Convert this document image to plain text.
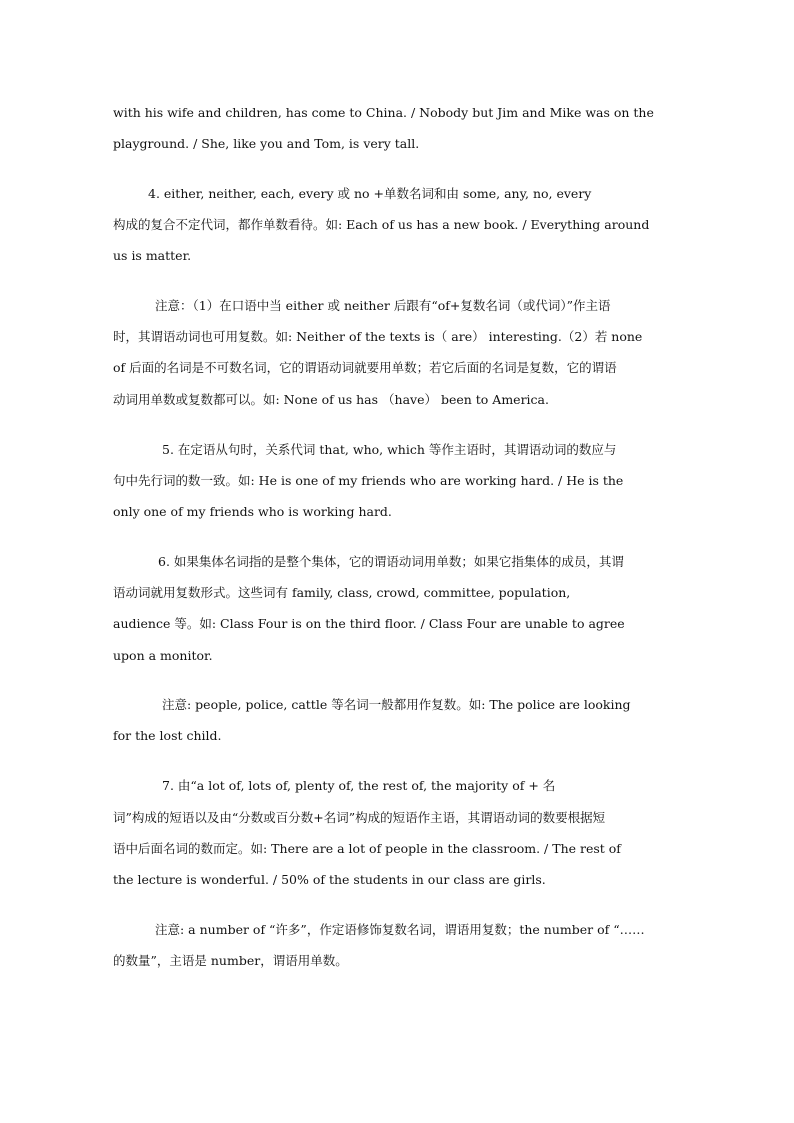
with his wife and children, has come to China. / Nobody but Jim and Mike was on the
playground. / She, like you and Tom, is very tall.
4. either, neither, each, every 或 no +单数名词和由 some, any, no, every
构成的复合不定代词，都作单数看待。如: Each of us has a new book. / Everything around
us is matter.
注意：（1）在口语中当 either 或 neither 后跟有“of+复数名词（或代词）”作主语
时，其谓语动词也可用复数。如: Neither of the texts is（ are） interesting.（2）若 none
of 后面的名词是不可数名词，它的谓语动词就要用单数；若它后面的名词是复数，它的谓语
动词用单数或复数都可以。如: None of us has （have） been to America.
5. 在定语从句时，关系代词 that, who, which 等作主语时，其谓语动词的数应与
句中先行词的数一致。如: He is one of my friends who are working hard. / He is the
only one of my friends who is working hard.
6. 如果集体名词指的是整个集体，它的谓语动词用单数；如果它指集体的成员，其谓
语动词就用复数形式。这些词有 family, class, crowd, committee, population,
audience 等。如: Class Four is on the third floor. / Class Four are unable to agree
upon a monitor.
注意: people, police, cattle 等名词一般都用作复数。如: The police are looking
for the lost child.
7. 由“a lot of, lots of, plenty of, the rest of, the majority of + 名
词”构成的短语以及由“分数或百分数+名词”构成的短语作主语，其谓语动词的数要根据短
语中后面名词的数而定。如: There are a lot of people in the classroom. / The rest of
the lecture is wonderful. / 50% of the students in our class are girls.
注意: a number of “许多”，作定语修饰复数名词，谓语用复数；the number of “……
的数量”，主语是 number，谓语用单数。
